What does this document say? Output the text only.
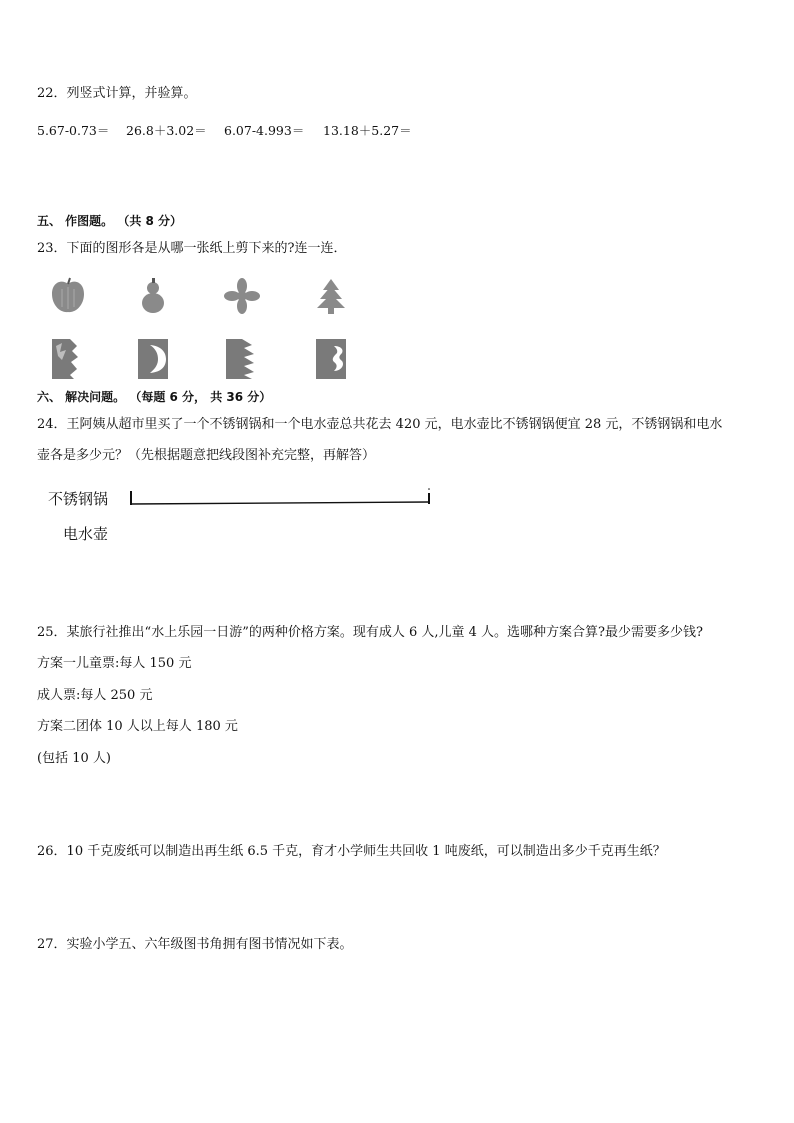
22．列竖式计算，并验算。
5.67-0.73＝ 26.8＋3.02＝ 6.07-4.993＝ 13.18＋5.27＝
五、 作图题。 （共 8 分）
23．下面的图形各是从哪一张纸上剪下来的?连一连．
六、 解决问题。 （每题 6 分， 共 36 分）
24．王阿姨从超市里买了一个不锈钢锅和一个电水壶总共花去 420 元，电水壶比不锈钢锅便宜 28 元，不锈钢锅和电水
壶各是多少元？（先根据题意把线段图补充完整，再解答）
不锈钢锅
电水壶
25．某旅行社推出“水上乐园一日游”的两种价格方案。现有成人 6 人,儿童 4 人。选哪种方案合算?最少需要多少钱?
方案一儿童票:每人 150 元
成人票:每人 250 元
方案二团体 10 人以上每人 180 元
(包括 10 人)
26．10 千克废纸可以制造出再生纸 6.5 千克，育才小学师生共回收 1 吨废纸，可以制造出多少千克再生纸？
27．实验小学五、六年级图书角拥有图书情况如下表。
